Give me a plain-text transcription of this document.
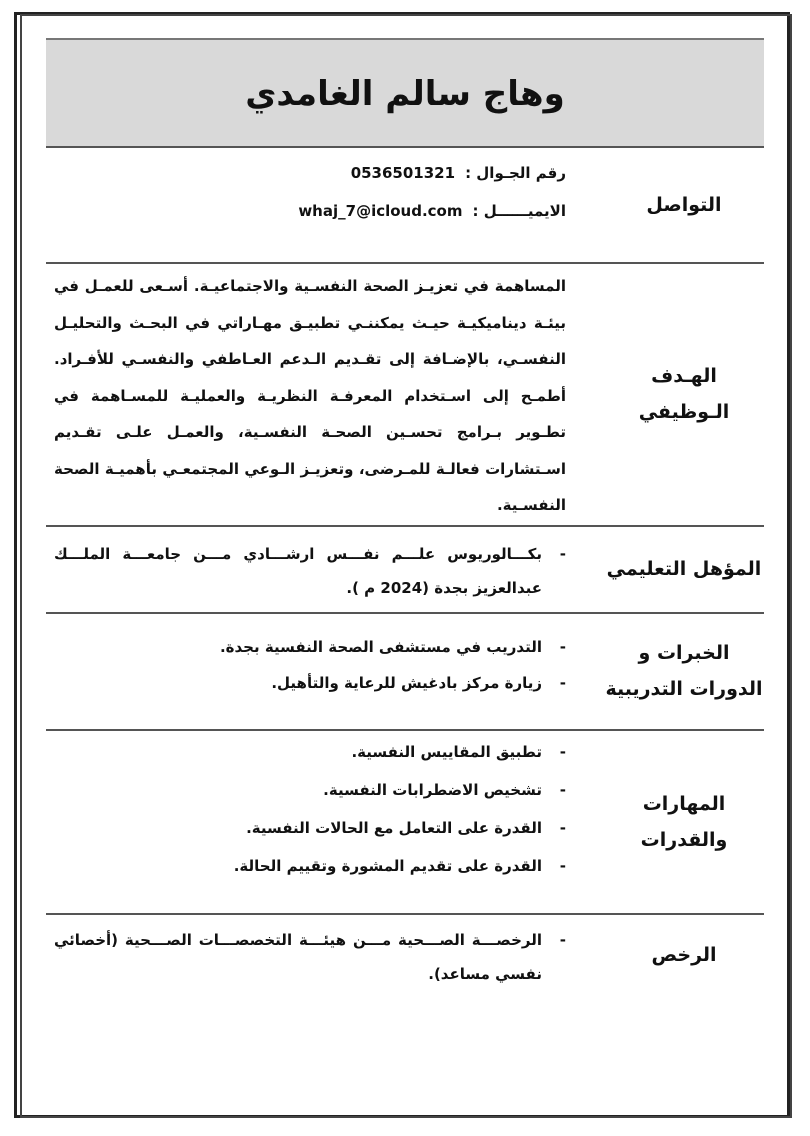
وهاج سالم الغامدي
التواصل
رقم الجـوال :
0536501321
الايميــــــل :
whaj_7@icloud.com
الهـدف الـوظيفي

المساهمة في تعزيـز الصحة النفسـية والاجتماعيـة. أسـعى للعمـل في بيئـة ديناميكيـة حيـث يمكننـي تطبيـق مهـاراتي في البحـث والتحليـل النفسـي، بالإضـافة إلى تقـديم الـدعم العـاطفي والنفسـي للأفـراد. أطمـح إلى اسـتخدام المعرفـة النظريـة والعمليـة للمسـاهمة في تطـوير بـرامج تحسـين الصحـة النفسـية، والعمـل علـى تقـديم اسـتشارات فعالـة للمـرضى، وتعزيـز الـوعي المجتمعـي بأهميـة الصحة النفسـية.

المؤهل التعليمي
-
بكـــالوريوس علـــم نفـــس ارشـــادي مـــن جامعـــة الملـــك عبدالعزيز بجدة (2024 م ).
الخبرات و الدورات التدريبية
-
التدريب في مستشفى الصحة النفسية بجدة.
-
زيارة مركز بادغيش للرعاية والتأهيل.
المهارات والقدرات
-
تطبيق المقاييس النفسية.
-
تشخيص الاضطرابات النفسية.
-
القدرة على التعامل مع الحالات النفسية.
-
القدرة على تقديم المشورة وتقييم الحالة.
الرخص
-
الرخصـــة الصـــحية مـــن هيئـــة التخصصـــات الصـــحية (أخصائي نفسي مساعد).
